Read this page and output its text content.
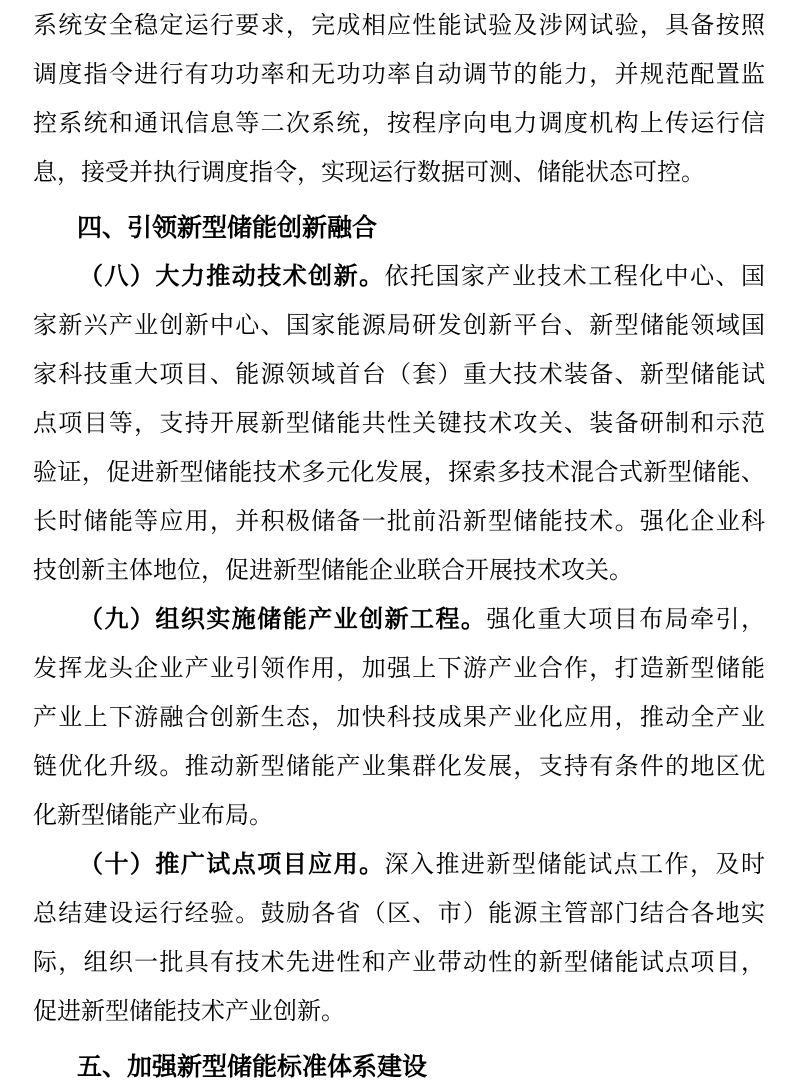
系统安全稳定运行要求，完成相应性能试验及涉网试验，具备按照
调度指令进行有功功率和无功功率自动调节的能力，并规范配置监
控系统和通讯信息等二次系统，按程序向电力调度机构上传运行信
息，接受并执行调度指令，实现运行数据可测、储能状态可控。
四、引领新型储能创新融合
（八）大力推动技术创新。依托国家产业技术工程化中心、国
家新兴产业创新中心、国家能源局研发创新平台、新型储能领域国
家科技重大项目、能源领域首台（套）重大技术装备、新型储能试
点项目等，支持开展新型储能共性关键技术攻关、装备研制和示范
验证，促进新型储能技术多元化发展，探索多技术混合式新型储能、
长时储能等应用，并积极储备一批前沿新型储能技术。强化企业科
技创新主体地位，促进新型储能企业联合开展技术攻关。
（九）组织实施储能产业创新工程。强化重大项目布局牵引，
发挥龙头企业产业引领作用，加强上下游产业合作，打造新型储能
产业上下游融合创新生态，加快科技成果产业化应用，推动全产业
链优化升级。推动新型储能产业集群化发展，支持有条件的地区优
化新型储能产业布局。
（十）推广试点项目应用。深入推进新型储能试点工作，及时
总结建设运行经验。鼓励各省（区、市）能源主管部门结合各地实
际，组织一批具有技术先进性和产业带动性的新型储能试点项目，
促进新型储能技术产业创新。
五、加强新型储能标准体系建设
